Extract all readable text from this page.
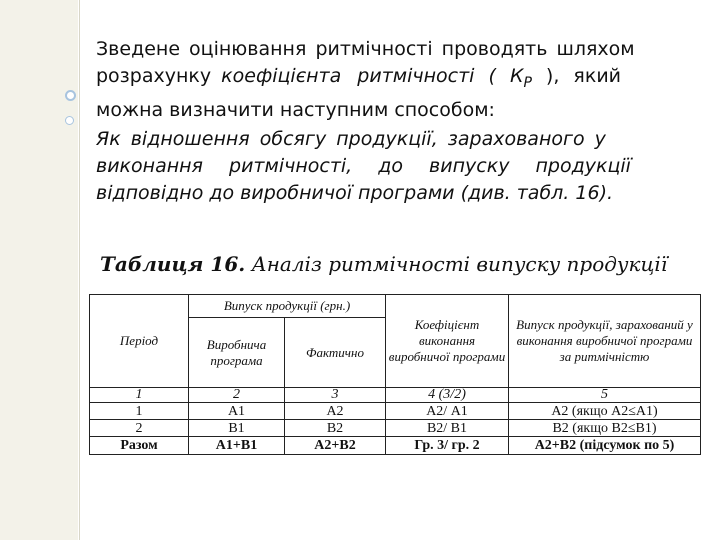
Зведене оцінювання ритмічності проводять шляхом
розрахунку коефіцієнта ритмічності ( $К_Р$ ), який
можна визначити наступним способом:
Як відношення обсягу продукції, зарахованого у
виконання ритмічності, до випуску продукції
відповідно до виробничої програми (див. табл. 16).
Таблиця 16. Аналіз ритмічності випуску продукції
Період	Випуск продукції (грн.)		Коефіцієнт виконання виробничої програми	Випуск продукції, зарахований у виконання виробничої програми за ритмічністю
	Виробнича програма	Фактично		
1	2	3	4 (3/2)	5
1	А1	А2	А2/ А1	А2 (якщо А2≤А1)
2	В1	В2	В2/ В1	В2 (якщо В2≤В1)
Разом	А1+В1	А2+В2	Гр. 3/ гр. 2	А2+В2 (підсумок по 5)
